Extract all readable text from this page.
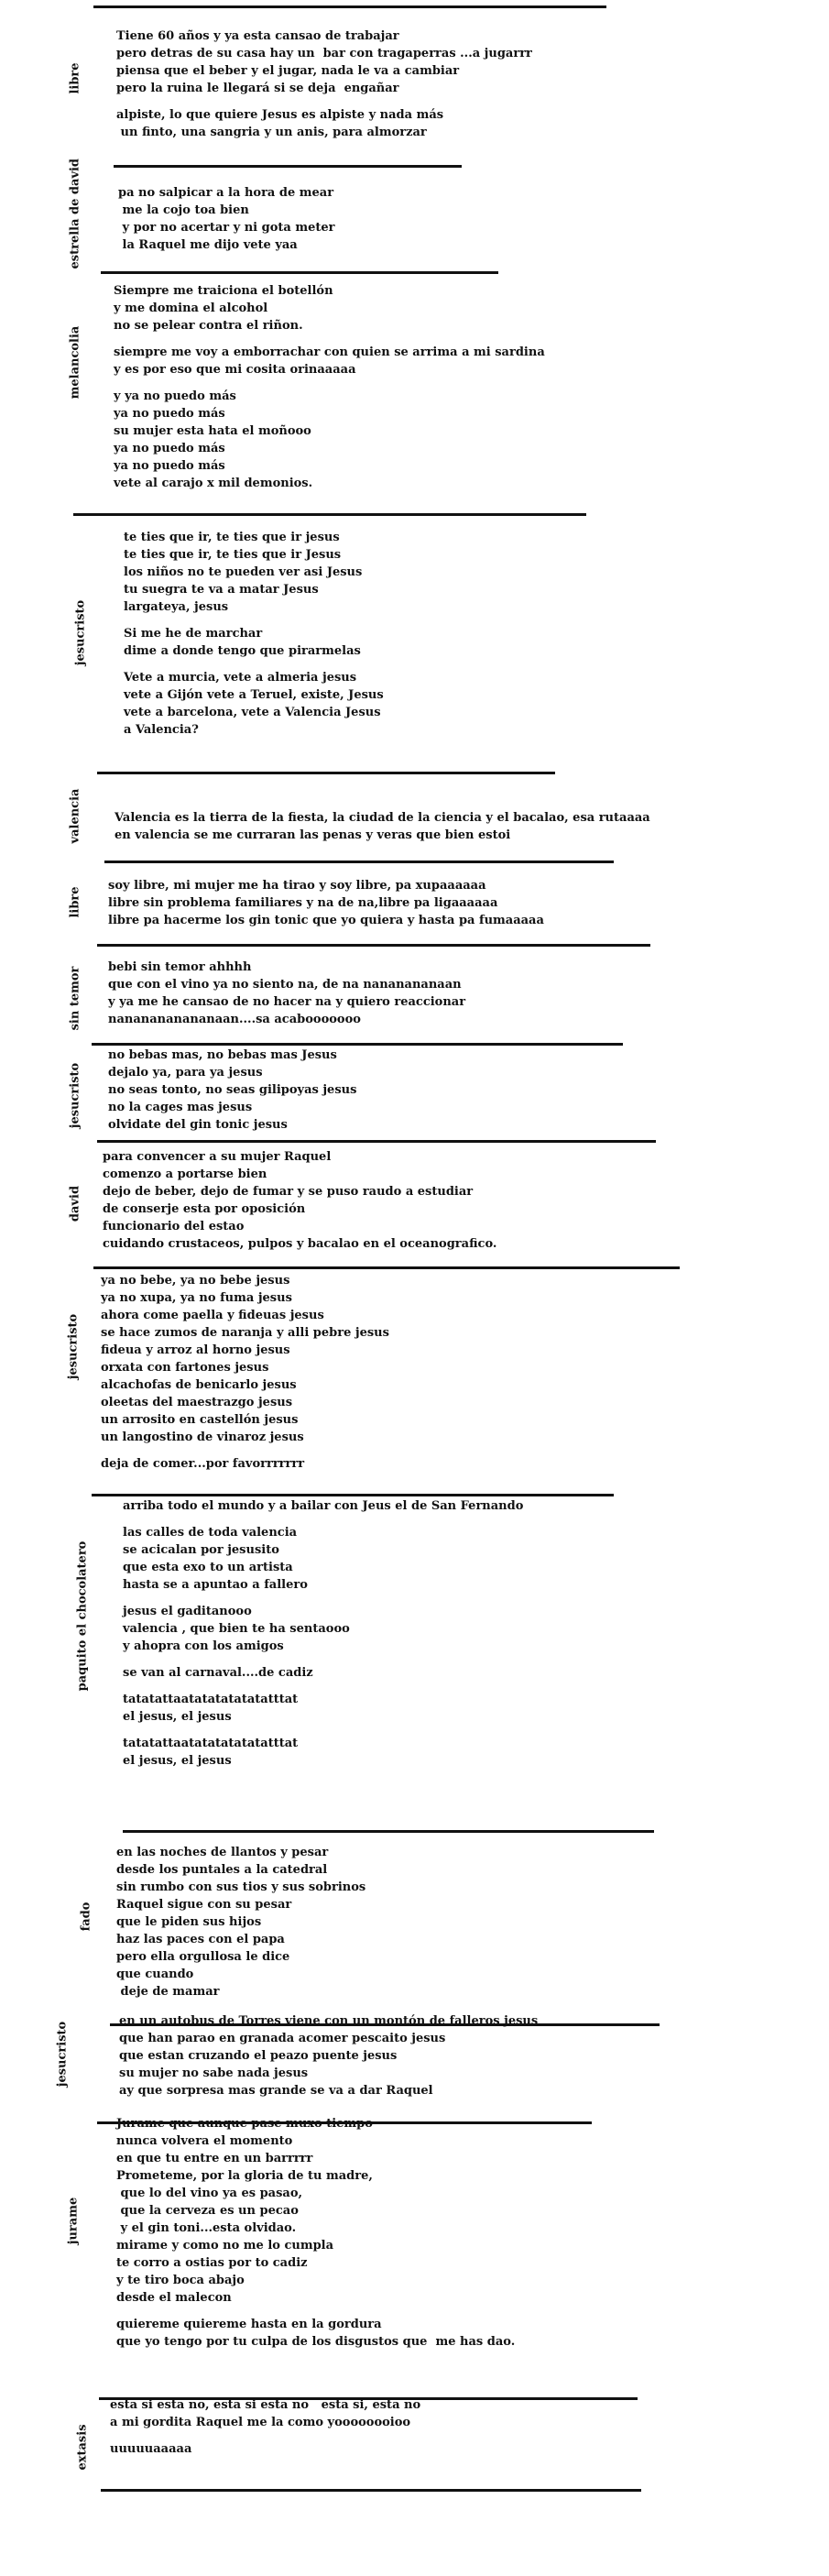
libre
estrella de david
melancolia
jesucristo
valencia
libre
sin temor
jesucristo
david
jesucristo
paquito el chocolatero
fado
jesucristo
jurame
extasis
Tiene 60 años y ya esta cansao de trabajar
pero detras de su casa hay un  bar con tragaperras ...a jugarrr
piensa que el beber y el jugar, nada le va a cambiar
pero la ruina le llegará si se deja  engañar

alpiste, lo que quiere Jesus es alpiste y nada más
un finto, una sangria y un anis, para almorzar
pa no salpicar a la hora de mear
me la cojo toa bien
y por no acertar y ni gota meter
la Raquel me dijo vete yaa
Siempre me traiciona el botellón
y me domina el alcohol
no se pelear contra el riñon.

siempre me voy a emborrachar con quien se arrima a mi sardina
y es por eso que mi cosita orinaaaaa

y ya no puedo más
ya no puedo más
su mujer esta hata el moñooo
ya no puedo más
ya no puedo más
vete al carajo x mil demonios.
te ties que ir, te ties que ir jesus
te ties que ir, te ties que ir Jesus
los niños no te pueden ver asi Jesus
tu suegra te va a matar Jesus
largateya, jesus

Si me he de marchar
dime a donde tengo que pirarmelas

Vete a murcia, vete a almeria jesus
vete a Gijón vete a Teruel, existe, Jesus
vete a barcelona, vete a Valencia Jesus
a Valencia?
Valencia es la tierra de la fiesta, la ciudad de la ciencia y el bacalao, esa rutaaaa
en valencia se me curraran las penas y veras que bien estoi
soy libre, mi mujer me ha tirao y soy libre, pa xupaaaaaa
libre sin problema familiares y na de na,libre pa ligaaaaaa
libre pa hacerme los gin tonic que yo quiera y hasta pa fumaaaaa
bebi sin temor ahhhh
que con el vino ya no siento na, de na nananananaan
y ya me he cansao de no hacer na y quiero reaccionar
nananananananaan....sa acabooooooo
no bebas mas, no bebas mas Jesus
dejalo ya, para ya jesus
no seas tonto, no seas gilipoyas jesus
no la cages mas jesus
olvidate del gin tonic jesus
para convencer a su mujer Raquel
comenzo a portarse bien
dejo de beber, dejo de fumar y se puso raudo a estudiar
de conserje esta por oposición
funcionario del estao
cuidando crustaceos, pulpos y bacalao en el oceanografico.
ya no bebe, ya no bebe jesus
ya no xupa, ya no fuma jesus
ahora come paella y fideuas jesus
se hace zumos de naranja y alli pebre jesus
fideua y arroz al horno jesus
orxata con fartones jesus
alcachofas de benicarlo jesus
oleetas del maestrazgo jesus
un arrosito en castellón jesus
un langostino de vinaroz jesus

deja de comer...por favorrrrrrr
arriba todo el mundo y a bailar con Jeus el de San Fernando

las calles de toda valencia
se acicalan por jesusito
que esta exo to un artista
hasta se a apuntao a fallero

jesus el gaditanooo
valencia , que bien te ha sentaooo
y ahopra con los amigos

se van al carnaval....de cadiz

tatatattaatatatatatatatttat
el jesus, el jesus

tatatattaatatatatatatatttat
el jesus, el jesus
en las noches de llantos y pesar
desde los puntales a la catedral
sin rumbo con sus tios y sus sobrinos
Raquel sigue con su pesar
que le piden sus hijos
haz las paces con el papa
pero ella orgullosa le dice
que cuando
deje de mamar
en un autobus de Torres viene con un montón de falleros jesus
que han parao en granada acomer pescaito jesus
que estan cruzando el peazo puente jesus
su mujer no sabe nada jesus
ay que sorpresa mas grande se va a dar Raquel
Jurame que aunque pase muxo tiempo
nunca volvera el momento
en que tu entre en un barrrrr
Prometeme, por la gloria de tu madre,
que lo del vino ya es pasao,
que la cerveza es un pecao
y el gin toni...esta olvidao.
mirame y como no me lo cumpla
te corro a ostias por to cadiz
y te tiro boca abajo
desde el malecon

quiereme quiereme hasta en la gordura
que yo tengo por tu culpa de los disgustos que  me has dao.
esta si esta no, esta si esta no   esta si, esta no
a mi gordita Raquel me la como yoooooooioo

uuuuuaaaaa
